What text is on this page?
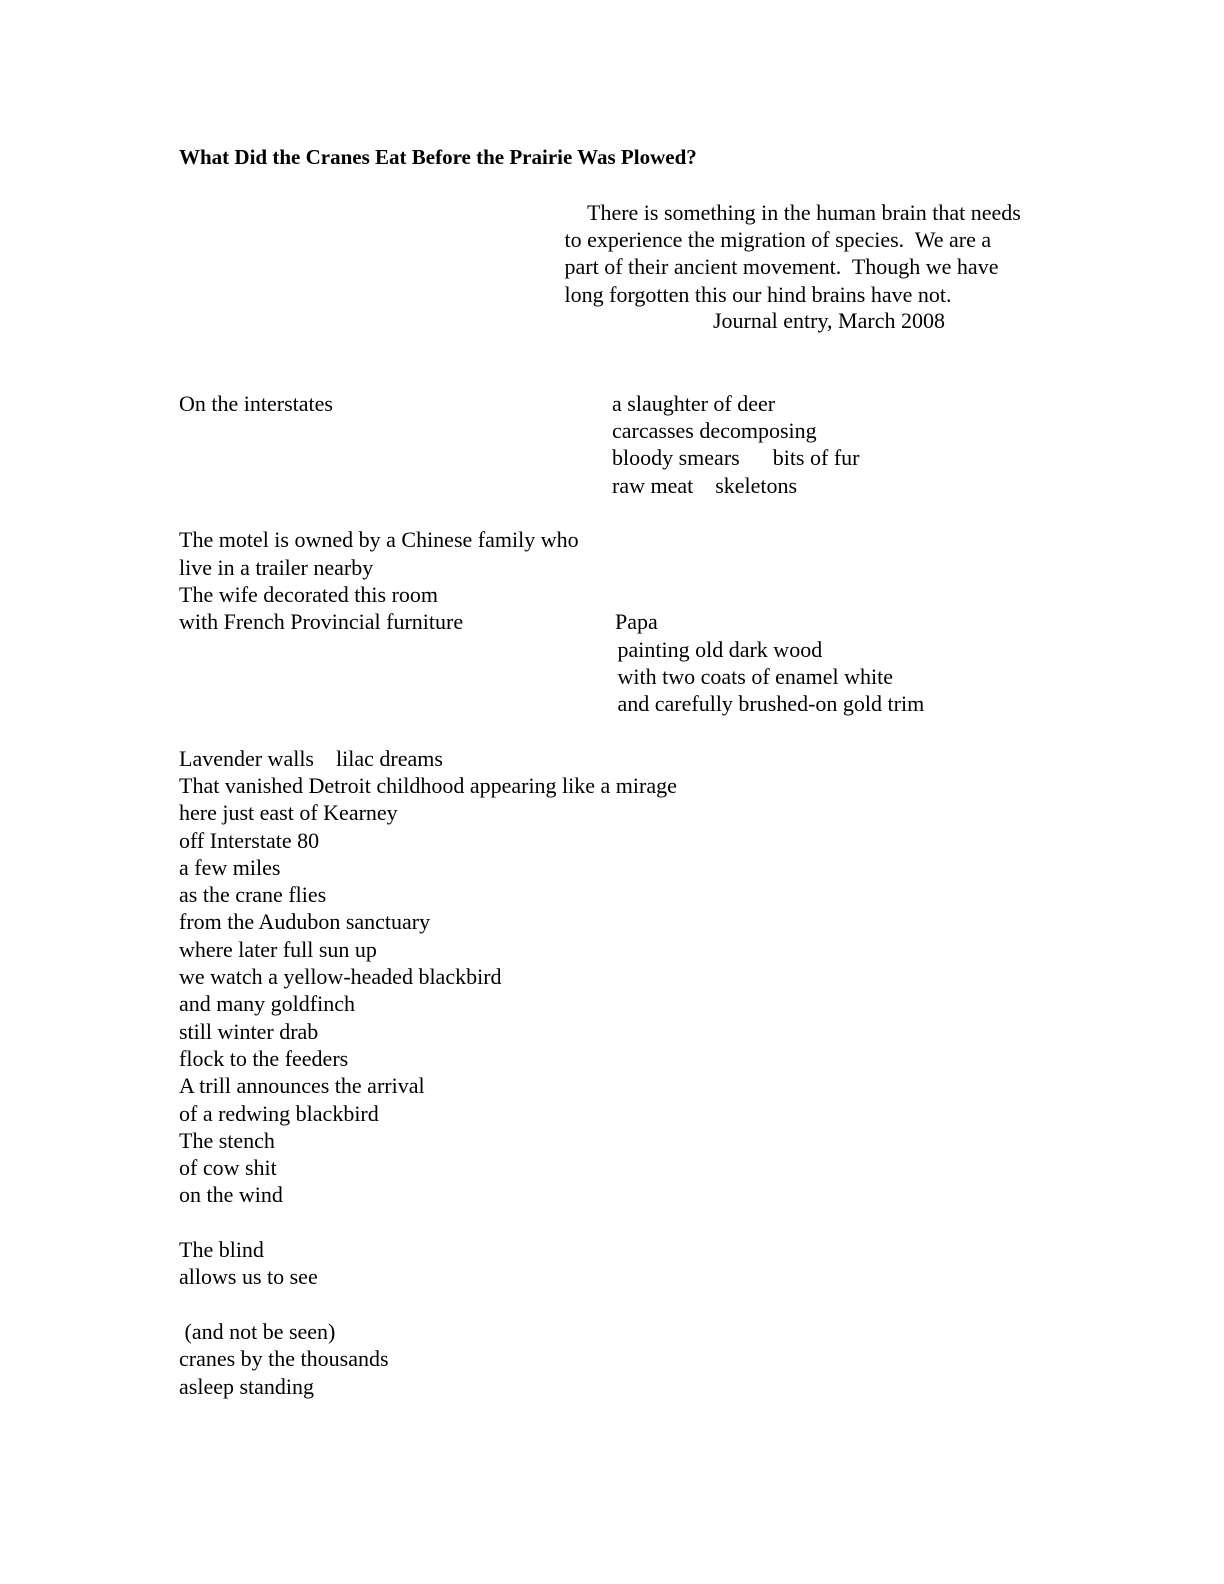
What Did the Cranes Eat Before the Prairie Was Plowed?
There is something in the human brain that needs
to experience the migration of species.  We are a
part of their ancient movement.  Though we have
long forgotten this our hind brains have not.
Journal entry, March 2008
On the interstates	a slaughter of deer
carcasses decomposing
bloody smears      bits of fur
raw meat    skeletons
The motel is owned by a Chinese family who
live in a trailer nearby
The wife decorated this room
with French Provincial furniture	Papa
painting old dark wood
with two coats of enamel white
and carefully brushed-on gold trim
Lavender walls    lilac dreams
That vanished Detroit childhood appearing like a mirage
here just east of Kearney
off Interstate 80
a few miles
as the crane flies
from the Audubon sanctuary
where later full sun up
we watch a yellow-headed blackbird
and many goldfinch
still winter drab
flock to the feeders
A trill announces the arrival
of a redwing blackbird
The stench
of cow shit
on the wind
The blind
allows us to see
(and not be seen)
cranes by the thousands
asleep standing
